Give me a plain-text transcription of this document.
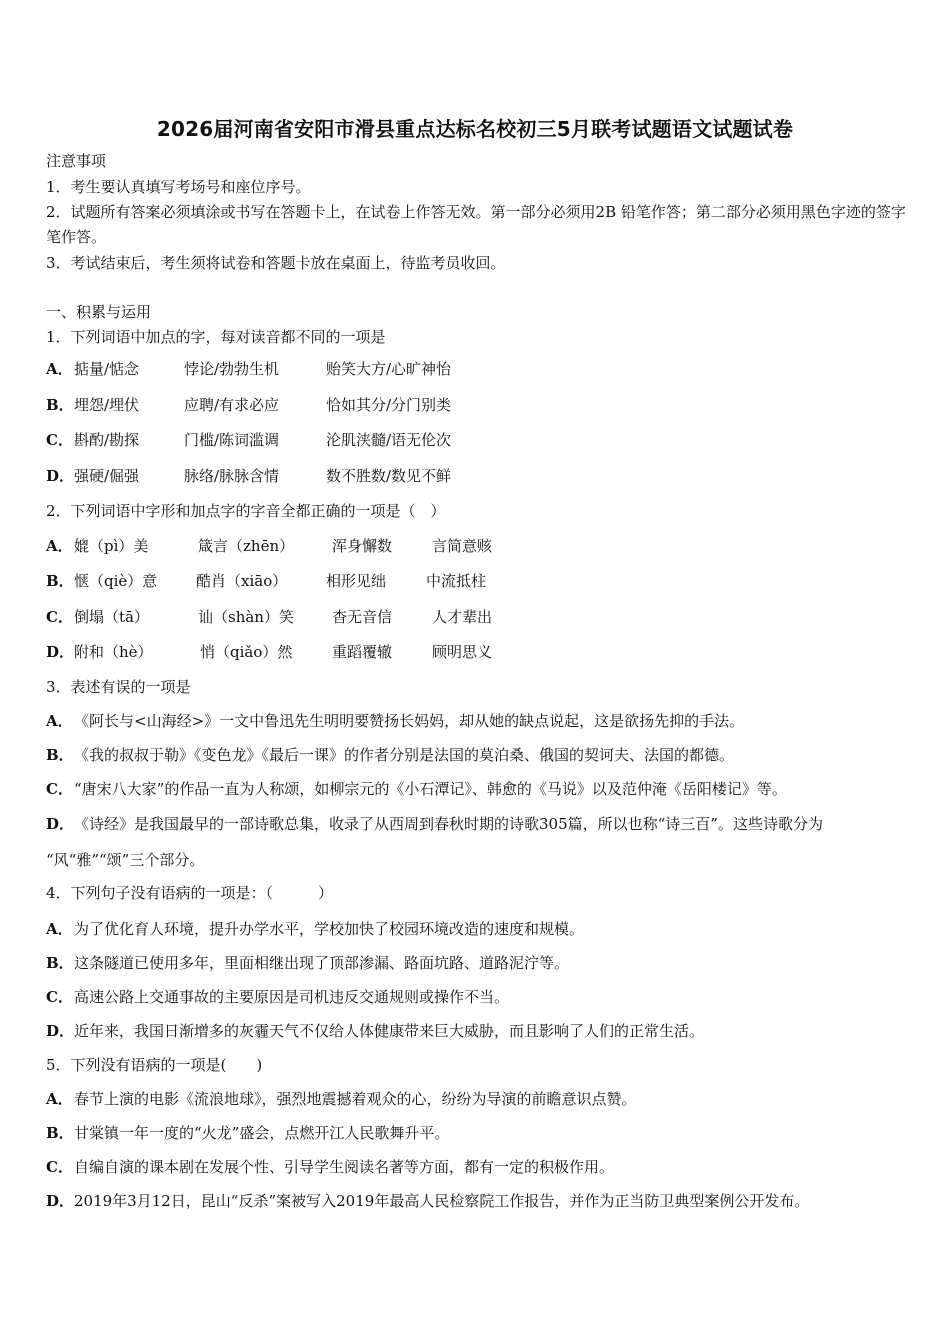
2026届河南省安阳市滑县重点达标名校初三5月联考试题语文试题试卷
注意事项
1．考生要认真填写考场号和座位序号。
2．试题所有答案必须填涂或书写在答题卡上，在试卷上作答无效。第一部分必须用2B 铅笔作答；第二部分必须用黑色字迹的签字笔作答。
3．考试结束后，考生须将试卷和答题卡放在桌面上，待监考员收回。
一、积累与运用
1．下列词语中加点的字，每对读音都不同的一项是
A． 掂量/惦念	悖论/勃勃生机	贻笑大方/心旷神怡
B． 埋怨/埋伏	应聘/有求必应	恰如其分/分门别类
C． 斟酌/勘探	门槛/陈词滥调	沦肌浃髓/语无伦次
D． 强硬/倔强	脉络/脉脉含情	数不胜数/数见不鲜
2．下列词语中字形和加点字的字音全都正确的一项是（　）
A． 媲（pì）美	箴言（zhēn）	浑身懈数	言简意赅
B． 惬（qiè）意	酷肖（xiāo）	相形见绌	中流抵柱
C． 倒塌（tā）	讪（shàn）笑	杳无音信	人才辈出
D． 附和（hè）	悄（qiǎo）然	重蹈覆辙	顾明思义
3．表述有误的一项是
A．《阿长与<山海经>》一文中鲁迅先生明明要赞扬长妈妈，却从她的缺点说起，这是欲扬先抑的手法。
B．《我的叔叔于勒》《变色龙》《最后一课》的作者分别是法国的莫泊桑、俄国的契诃夫、法国的都德。
C．“唐宋八大家”的作品一直为人称颂，如柳宗元的《小石潭记》、韩愈的《马说》以及范仲淹《岳阳楼记》等。
D．《诗经》是我国最早的一部诗歌总集，收录了从西周到春秋时期的诗歌305篇，所以也称“诗三百”。这些诗歌分为
“风“雅”“颂”三个部分。
4．下列句子没有语病的一项是：（　　　）
A．为了优化育人环境，提升办学水平，学校加快了校园环境改造的速度和规模。
B．这条隧道已使用多年，里面相继出现了顶部渗漏、路面坑路、道路泥泞等。
C．高速公路上交通事故的主要原因是司机违反交通规则或操作不当。
D．近年来，我国日渐增多的灰霾天气不仅给人体健康带来巨大威胁，而且影响了人们的正常生活。
5．下列没有语病的一项是(　　)
A．春节上演的电影《流浪地球》，强烈地震撼着观众的心，纷纷为导演的前瞻意识点赞。
B．甘棠镇一年一度的“火龙”盛会，点燃开江人民歌舞升平。
C．自编自演的课本剧在发展个性、引导学生阅读名著等方面，都有一定的积极作用。
D．2019年3月12日，昆山“反杀”案被写入2019年最高人民检察院工作报告，并作为正当防卫典型案例公开发布。
